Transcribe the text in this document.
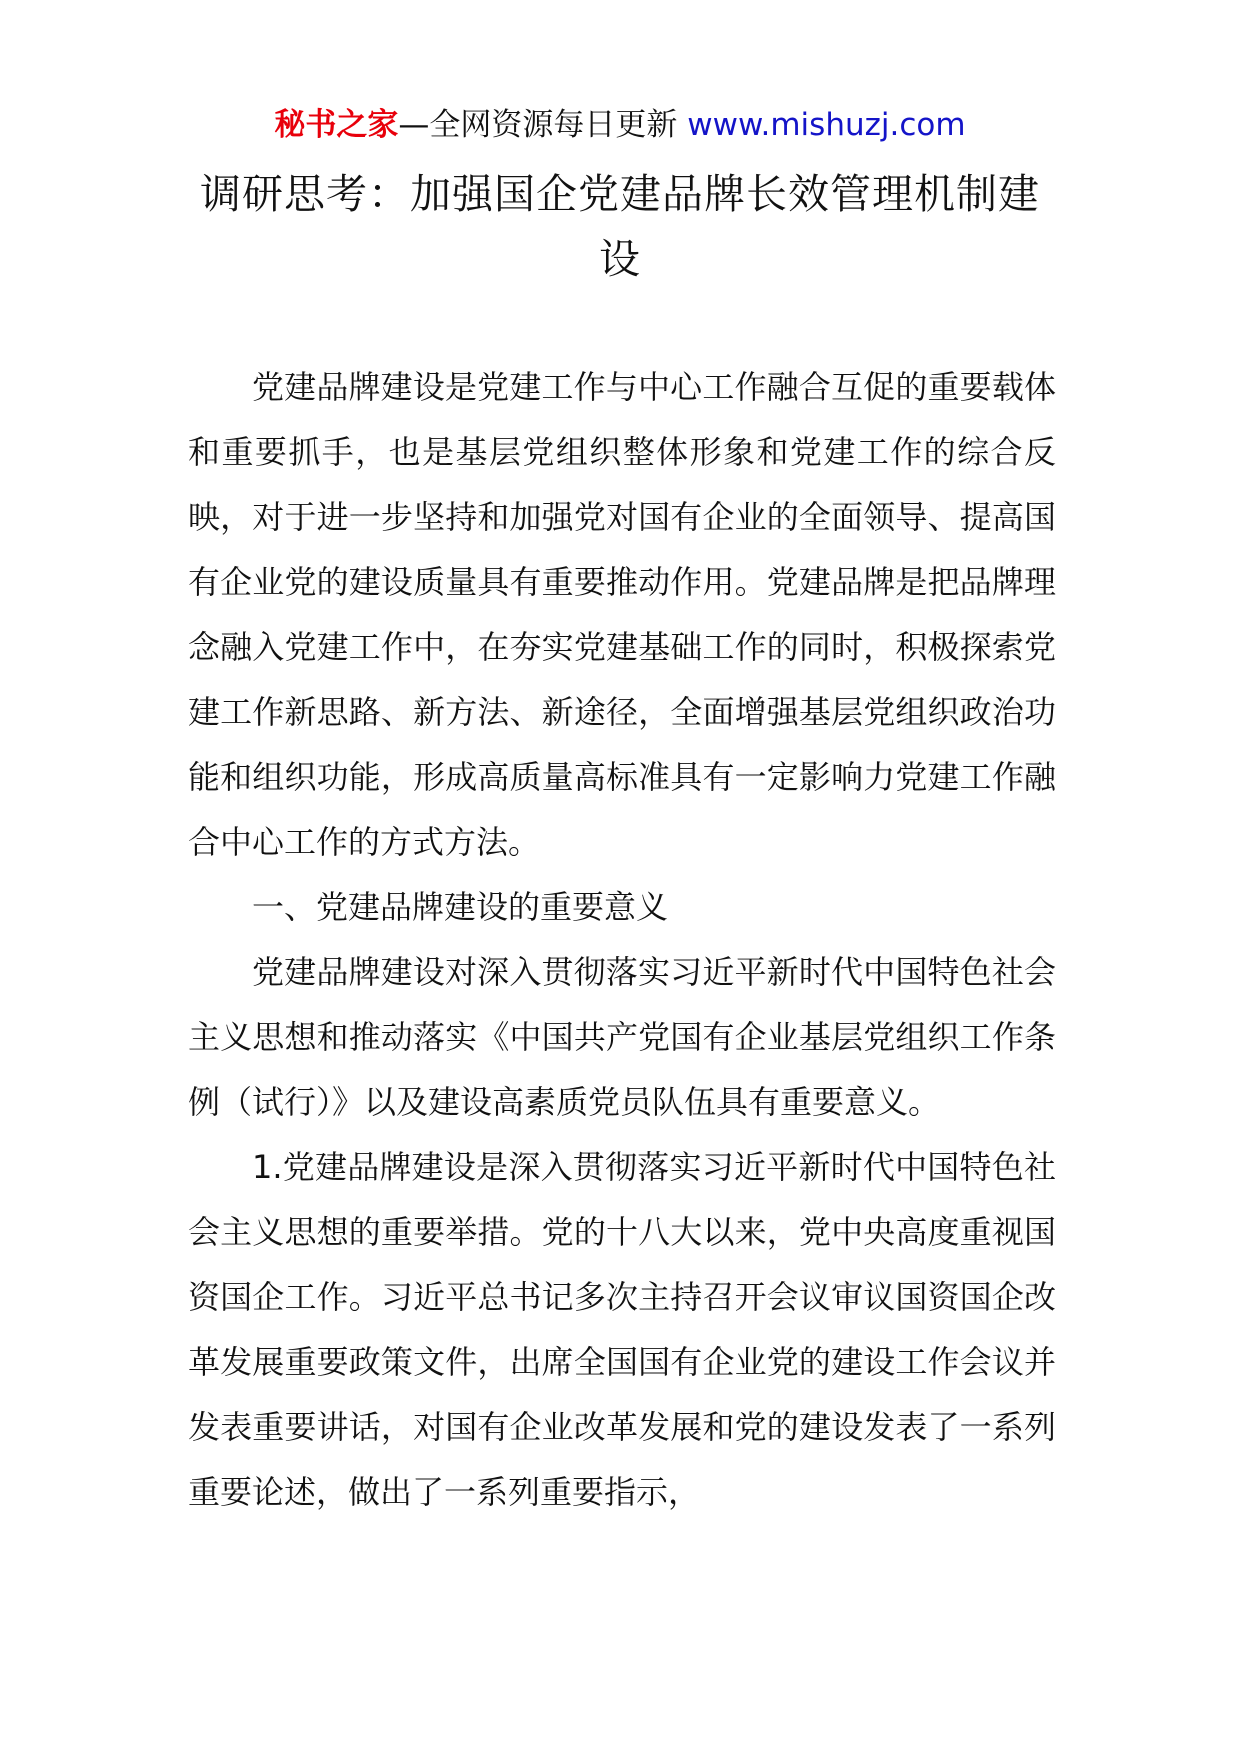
秘书之家—全网资源每日更新 www.mishuzj.com
调研思考：加强国企党建品牌长效管理机制建设

党建品牌建设是党建工作与中心工作融合互促的重要载体和重要抓手，也是基层党组织整体形象和党建工作的综合反映，对于进一步坚持和加强党对国有企业的全面领导、提高国有企业党的建设质量具有重要推动作用。党建品牌是把品牌理念融入党建工作中，在夯实党建基础工作的同时，积极探索党建工作新思路、新方法、新途径，全面增强基层党组织政治功能和组织功能，形成高质量高标准具有一定影响力党建工作融合中心工作的方式方法。

一、党建品牌建设的重要意义

党建品牌建设对深入贯彻落实习近平新时代中国特色社会主义思想和推动落实《中国共产党国有企业基层党组织工作条例（试行）》以及建设高素质党员队伍具有重要意义。

1.党建品牌建设是深入贯彻落实习近平新时代中国特色社会主义思想的重要举措。党的十八大以来，党中央高度重视国资国企工作。习近平总书记多次主持召开会议审议国资国企改革发展重要政策文件，出席全国国有企业党的建设工作会议并发表重要讲话，对国有企业改革发展和党的建设发表了一系列重要论述，做出了一系列重要指示，
